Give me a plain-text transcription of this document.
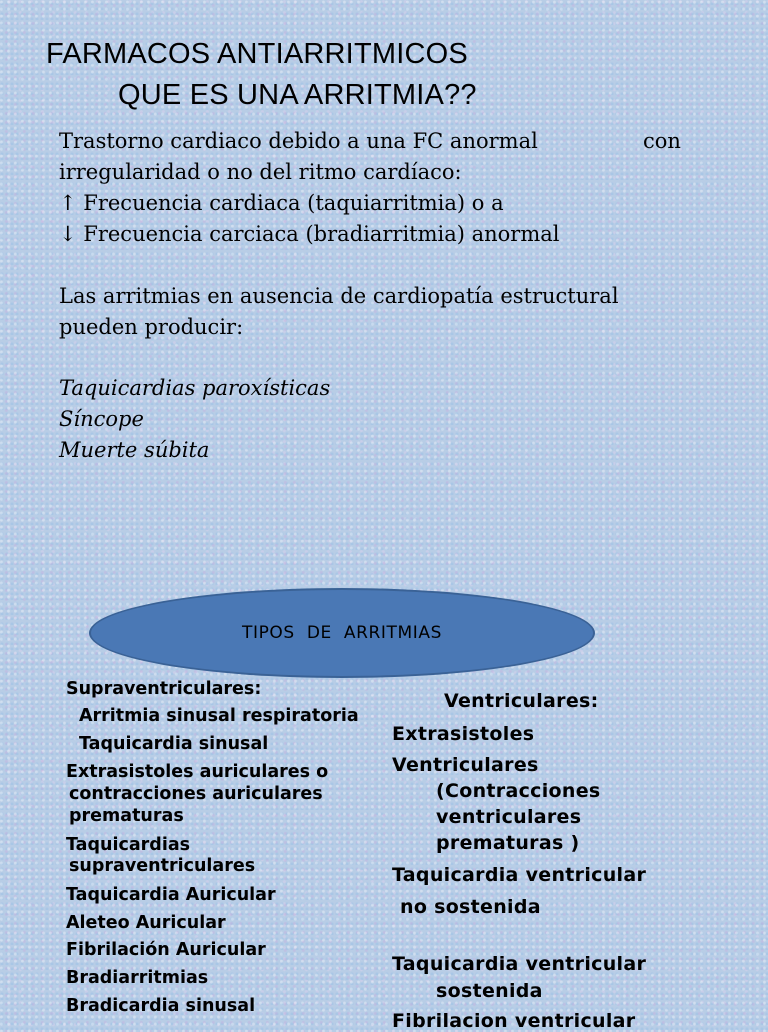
FARMACOS ANTIARRITMICOS
QUE ES UNA ARRITMIA??
Trastorno cardiaco debido a una FC anormal	con
irregularidad o no del ritmo cardíaco:
↑ Frecuencia cardiaca (taquiarritmia) o a
↓ Frecuencia carciaca (bradiarritmia) anormal
Las arritmias en ausencia de cardiopatía estructural
pueden producir:
Taquicardias paroxísticas
Síncope
Muerte súbita
TIPOS  DE  ARRITMIAS
Supraventriculares:
Arritmia sinusal respiratoria
Taquicardia sinusal
Extrasistoles auriculares o
contracciones auriculares
prematuras
Taquicardias
supraventriculares
Taquicardia Auricular
Aleteo Auricular
Fibrilación Auricular
Bradiarritmias
Bradicardia sinusal
Ventriculares:
Extrasistoles
Ventriculares
(Contracciones
ventriculares
prematuras )
Taquicardia ventricular
no sostenida
Taquicardia ventricular
sostenida
Fibrilacion ventricular
